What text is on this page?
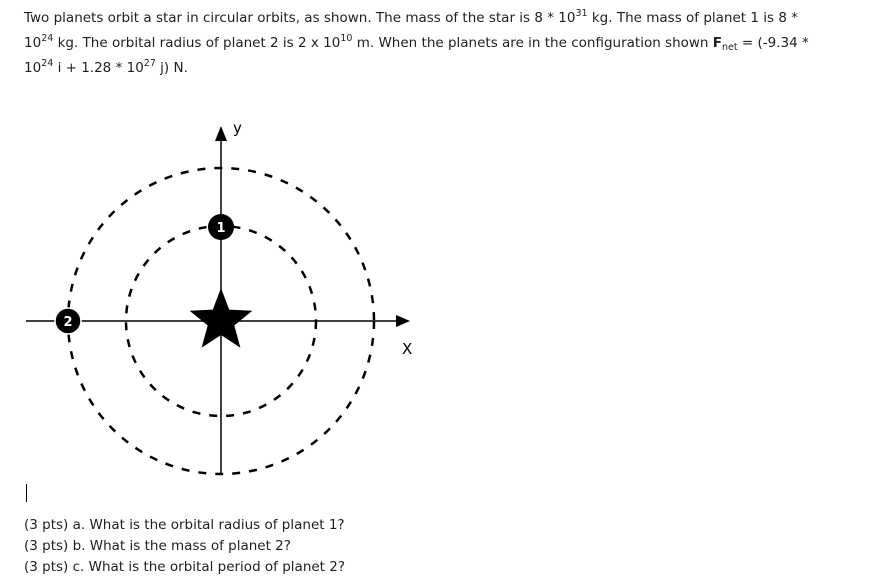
Two planets orbit a star in circular orbits, as shown. The mass of the star is $8 * 10^{31}$ kg. The mass of planet 1 is 8 *
$10^{24}$ kg. The orbital radius of planet 2 is 2 x $10^{10}$ m. When the planets are in the configuration shown $F_{net} = (-9.34$ *
$10^{24}$ $i + 1.28 * 10^{27}$ j) N.

y
X
1
2
(3 pts) a. What is the orbital radius of planet 1?
(3 pts) b. What is the mass of planet 2?
(3 pts) c. What is the orbital period of planet 2?
